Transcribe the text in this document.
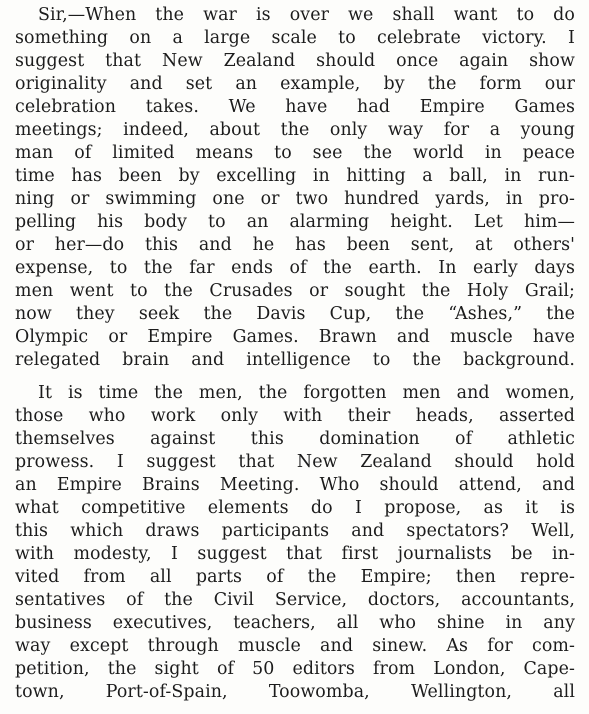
Sir,—When the war is over we shall want to do
something on a large scale to celebrate victory. I
suggest that New Zealand should once again show
originality and set an example, by the form our
celebration takes. We have had Empire Games
meetings; indeed, about the only way for a young
man of limited means to see the world in peace
time has been by excelling in hitting a ball, in run-
ning or swimming one or two hundred yards, in pro-
pelling his body to an alarming height. Let him—
or her—do this and he has been sent, at others'
expense, to the far ends of the earth. In early days
men went to the Crusades or sought the Holy Grail;
now they seek the Davis Cup, the “Ashes,” the
Olympic or Empire Games. Brawn and muscle have
relegated brain and intelligence to the background.
It is time the men, the forgotten men and women,
those who work only with their heads, asserted
themselves against this domination of athletic
prowess. I suggest that New Zealand should hold
an Empire Brains Meeting. Who should attend, and
what competitive elements do I propose, as it is
this which draws participants and spectators? Well,
with modesty, I suggest that first journalists be in-
vited from all parts of the Empire; then repre-
sentatives of the Civil Service, doctors, accountants,
business executives, teachers, all who shine in any
way except through muscle and sinew. As for com-
petition, the sight of 50 editors from London, Cape-
town, Port-of-Spain, Toowomba, Wellington, all
